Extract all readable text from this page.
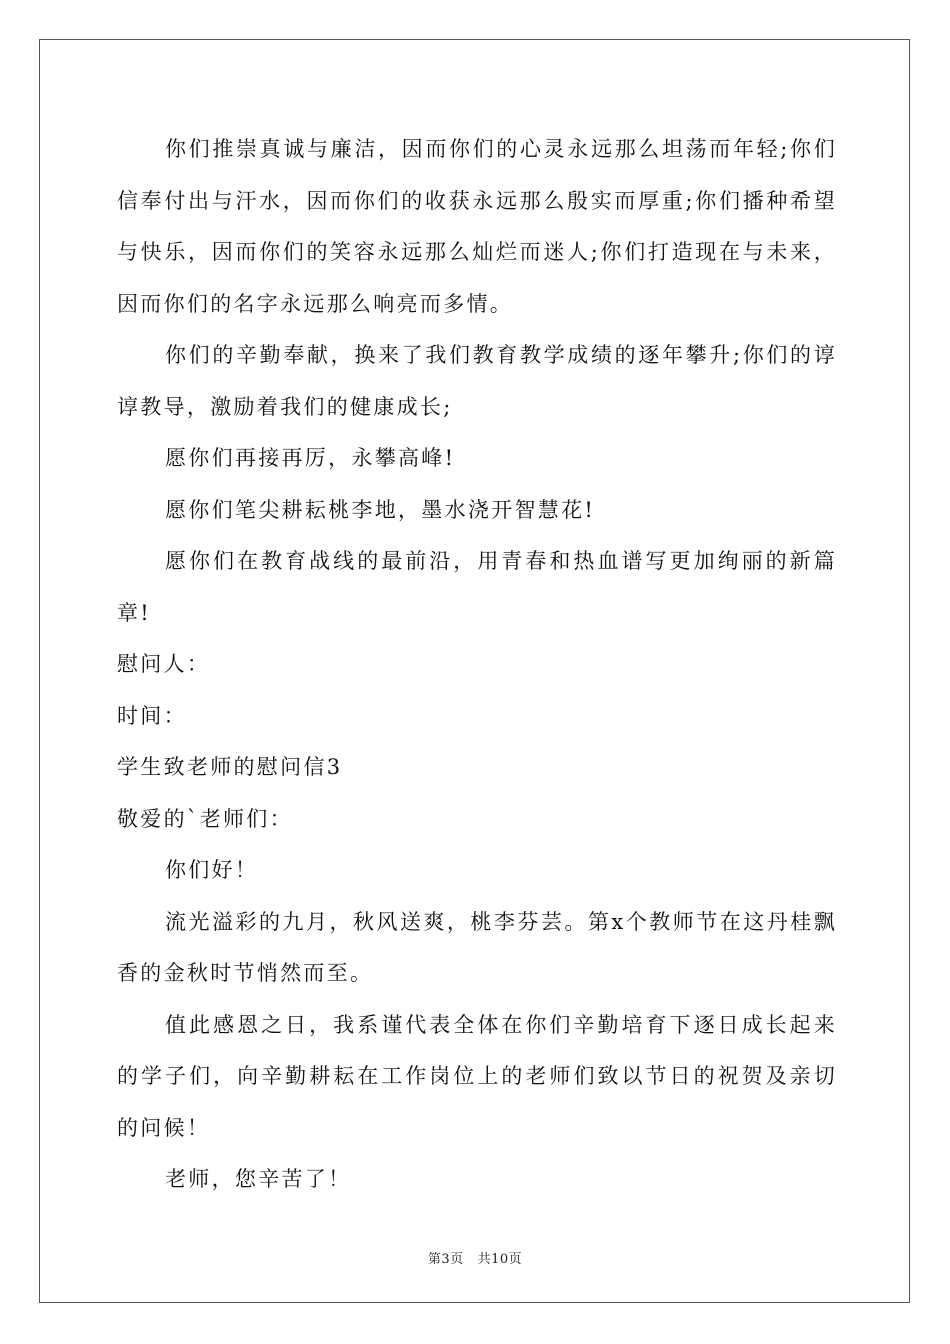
你们推崇真诚与廉洁，因而你们的心灵永远那么坦荡而年轻;你们信奉付出与汗水，因而你们的收获永远那么殷实而厚重;你们播种希望与快乐，因而你们的笑容永远那么灿烂而迷人;你们打造现在与未来，因而你们的名字永远那么响亮而多情。

你们的辛勤奉献，换来了我们教育教学成绩的逐年攀升;你们的谆谆教导，激励着我们的健康成长;

愿你们再接再厉，永攀高峰!

愿你们笔尖耕耘桃李地，墨水浇开智慧花!

愿你们在教育战线的最前沿，用青春和热血谱写更加绚丽的新篇章!

慰问人：

时间：

学生致老师的慰问信3

敬爱的`老师们：

你们好！

流光溢彩的九月，秋风送爽，桃李芬芸。第x个教师节在这丹桂飘香的金秋时节悄然而至。

值此感恩之日，我系谨代表全体在你们辛勤培育下逐日成长起来的学子们，向辛勤耕耘在工作岗位上的老师们致以节日的祝贺及亲切的问候！

老师，您辛苦了！

第3页 共10页
